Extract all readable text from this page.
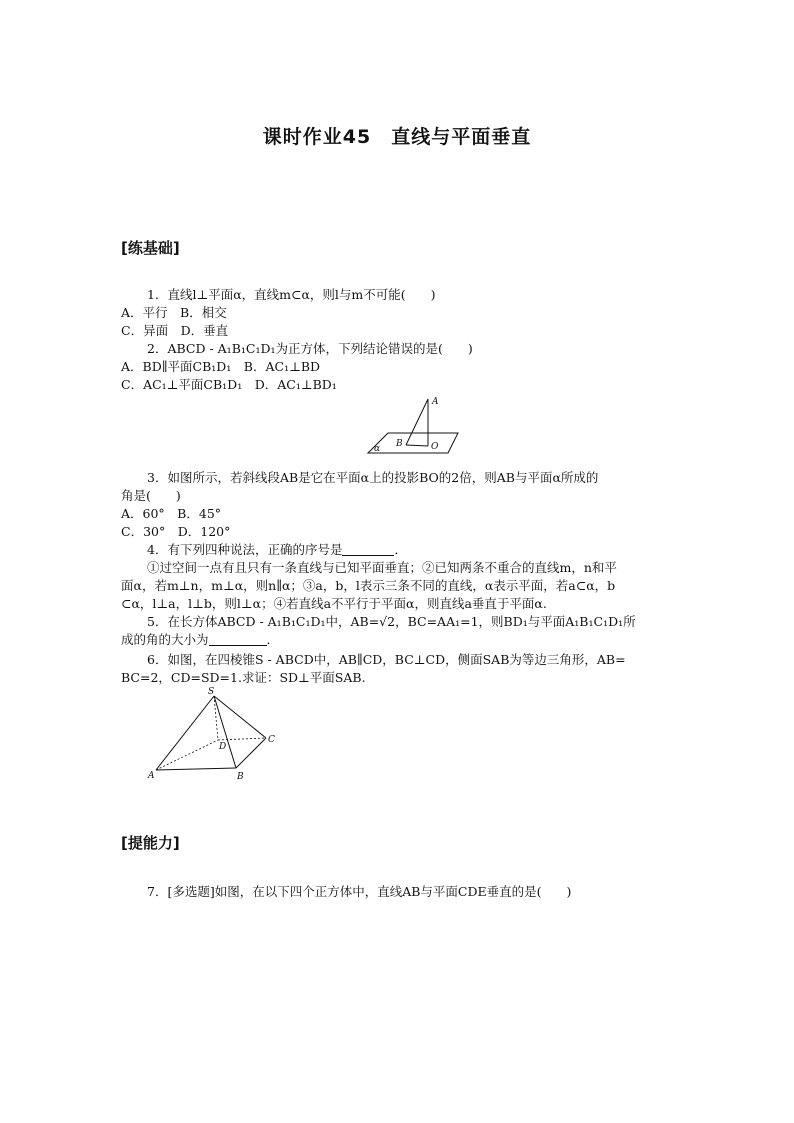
课时作业45　直线与平面垂直
[练基础]
1．直线l⊥平面α，直线m⊂α，则l与m不可能(　　)
A．平行　B．相交
C．异面　D．垂直
2．ABCD - A₁B₁C₁D₁为正方体，下列结论错误的是(　　)
A．BD∥平面CB₁D₁　B．AC₁⊥BD
C．AC₁⊥平面CB₁D₁　D．AC₁⊥BD₁
A
B	O
α
3．如图所示，若斜线段AB是它在平面α上的投影BO的2倍，则AB与平面α所成的
角是(　　)
A．60°　B．45°
C．30°　D．120°
4．有下列四种说法，正确的序号是	．
①过空间一点有且只有一条直线与已知平面垂直；②已知两条不重合的直线m，n和平
面α，若m⊥n，m⊥α，则n∥α；③a，b，l表示三条不同的直线，α表示平面，若a⊂α，b
⊂α，l⊥a，l⊥b，则l⊥α；④若直线a不平行于平面α，则直线a垂直于平面α.
5．在长方体ABCD - A₁B₁C₁D₁中，AB=√2，BC=AA₁=1，则BD₁与平面A₁B₁C₁D₁所
成的角的大小为	．
6．如图，在四棱锥S - ABCD中，AB∥CD，BC⊥CD，侧面SAB为等边三角形，AB=
BC=2，CD=SD=1.求证：SD⊥平面SAB.
S
A	B
C
D
[提能力]
7．[多选题]如图，在以下四个正方体中，直线AB与平面CDE垂直的是(　　)
